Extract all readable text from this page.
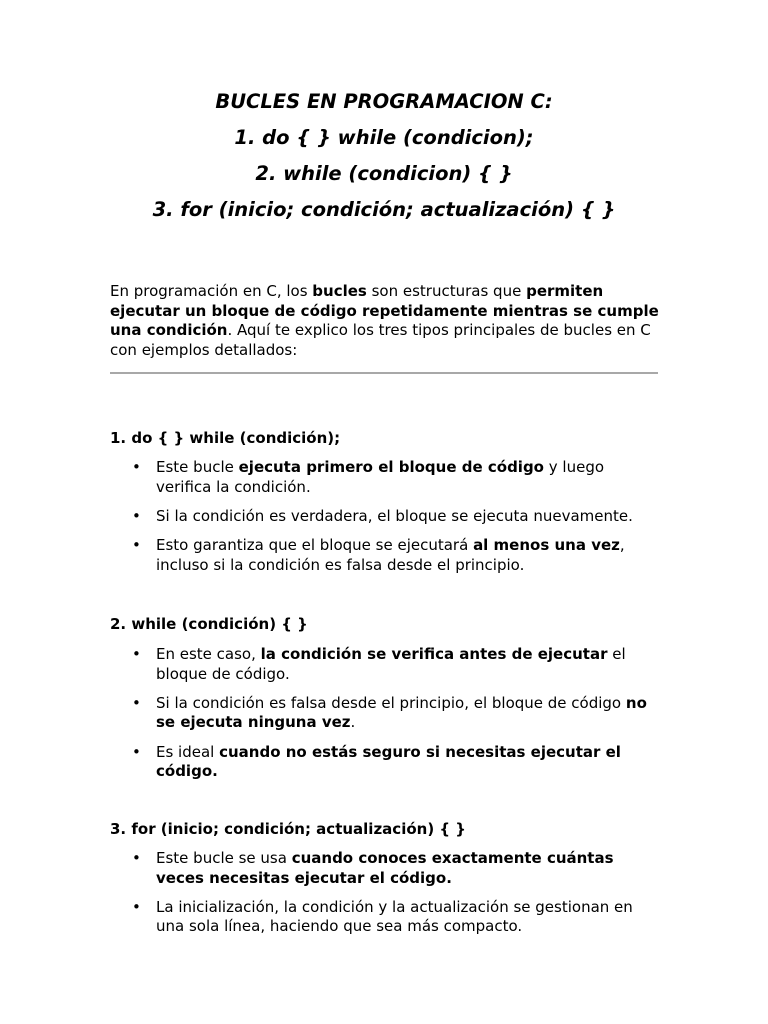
BUCLES EN PROGRAMACION C:
1. do { } while (condicion);
2. while (condicion) { }
3. for (inicio; condición; actualización) { }

En programación en C, los bucles son estructuras que permiten ejecutar un bloque de código repetidamente mientras se cumple una condición. Aquí te explico los tres tipos principales de bucles en C con ejemplos detallados:

1. do { } while (condición);
• Este bucle ejecuta primero el bloque de código y luego verifica la condición.
• Si la condición es verdadera, el bloque se ejecuta nuevamente.
• Esto garantiza que el bloque se ejecutará al menos una vez, incluso si la condición es falsa desde el principio.
2. while (condición) { }
• En este caso, la condición se verifica antes de ejecutar el bloque de código.
• Si la condición es falsa desde el principio, el bloque de código no se ejecuta ninguna vez.
• Es ideal cuando no estás seguro si necesitas ejecutar el código.
3. for (inicio; condición; actualización) { }
• Este bucle se usa cuando conoces exactamente cuántas veces necesitas ejecutar el código.
• La inicialización, la condición y la actualización se gestionan en una sola línea, haciendo que sea más compacto.
